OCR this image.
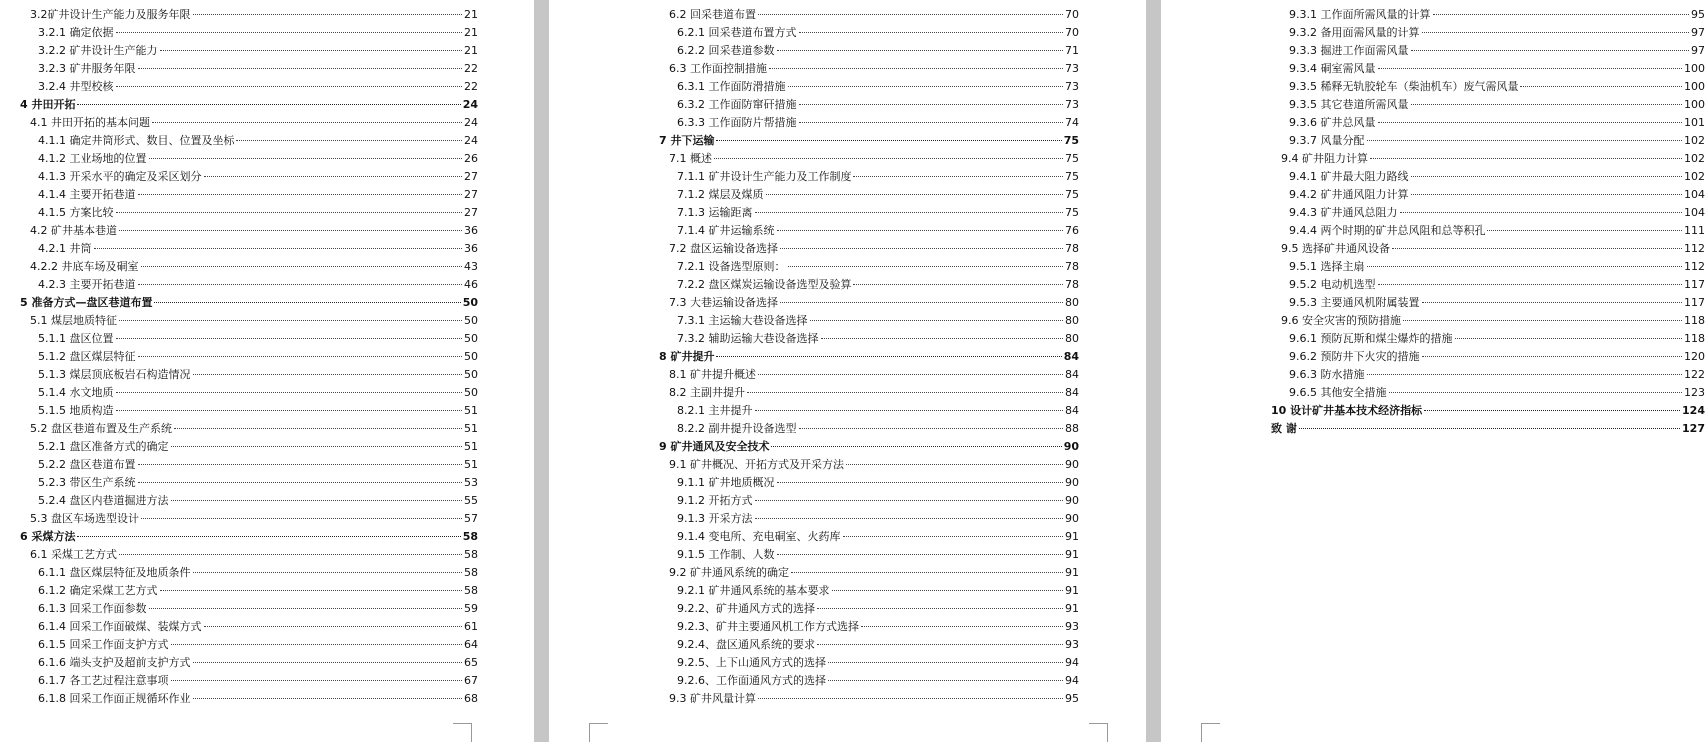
3.2矿井设计生产能力及服务年限	21
3.2.1 确定依据	21
3.2.2 矿井设计生产能力	21
3.2.3 矿井服务年限	22
3.2.4 井型校核	22
4 井田开拓	24
4.1 井田开拓的基本问题	24
4.1.1 确定井筒形式、数目、位置及坐标	24
4.1.2 工业场地的位置	26
4.1.3 开采水平的确定及采区划分	27
4.1.4 主要开拓巷道	27
4.1.5 方案比较	27
4.2 矿井基本巷道	36
4.2.1 井筒	36
4.2.2 井底车场及硐室	43
4.2.3 主要开拓巷道	46
5 准备方式—盘区巷道布置	50
5.1 煤层地质特征	50
5.1.1 盘区位置	50
5.1.2 盘区煤层特征	50
5.1.3 煤层顶底板岩石构造情况	50
5.1.4 水文地质	50
5.1.5 地质构造	51
5.2 盘区巷道布置及生产系统	51
5.2.1 盘区准备方式的确定	51
5.2.2 盘区巷道布置	51
5.2.3 带区生产系统	53
5.2.4 盘区内巷道掘进方法	55
5.3 盘区车场选型设计	57
6 采煤方法	58
6.1 采煤工艺方式	58
6.1.1 盘区煤层特征及地质条件	58
6.1.2 确定采煤工艺方式	58
6.1.3 回采工作面参数	59
6.1.4 回采工作面破煤、装煤方式	61
6.1.5 回采工作面支护方式	64
6.1.6 端头支护及超前支护方式	65
6.1.7 各工艺过程注意事项	67
6.1.8 回采工作面正规循环作业	68
6.2 回采巷道布置	70
6.2.1 回采巷道布置方式	70
6.2.2 回采巷道参数	71
6.3 工作面控制措施	73
6.3.1 工作面防滑措施	73
6.3.2 工作面防窜矸措施	73
6.3.3 工作面防片帮措施	74
7 井下运输	75
7.1 概述	75
7.1.1 矿井设计生产能力及工作制度	75
7.1.2 煤层及煤质	75
7.1.3 运输距离	75
7.1.4 矿井运输系统	76
7.2 盘区运输设备选择	78
7.2.1 设备选型原则：	78
7.2.2 盘区煤炭运输设备选型及验算	78
7.3 大巷运输设备选择	80
7.3.1 主运输大巷设备选择	80
7.3.2 辅助运输大巷设备选择	80
8 矿井提升	84
8.1 矿井提升概述	84
8.2 主副井提升	84
8.2.1 主井提升	84
8.2.2 副井提升设备选型	88
9 矿井通风及安全技术	90
9.1 矿井概况、开拓方式及开采方法	90
9.1.1 矿井地质概况	90
9.1.2 开拓方式	90
9.1.3 开采方法	90
9.1.4 变电所、充电硐室、火药库	91
9.1.5 工作制、人数	91
9.2 矿井通风系统的确定	91
9.2.1 矿井通风系统的基本要求	91
9.2.2、矿井通风方式的选择	91
9.2.3、矿井主要通风机工作方式选择	93
9.2.4、盘区通风系统的要求	93
9.2.5、上下山通风方式的选择	94
9.2.6、工作面通风方式的选择	94
9.3 矿井风量计算	95
9.3.1 工作面所需风量的计算	95
9.3.2 备用面需风量的计算	97
9.3.3 掘进工作面需风量	97
9.3.4 硐室需风量	100
9.3.5 稀释无轨胶轮车（柴油机车）废气需风量	100
9.3.5 其它巷道所需风量	100
9.3.6 矿井总风量	101
9.3.7 风量分配	102
9.4 矿井阻力计算	102
9.4.1 矿井最大阻力路线	102
9.4.2 矿井通风阻力计算	104
9.4.3 矿井通风总阻力	104
9.4.4 两个时期的矿井总风阻和总等积孔	111
9.5 选择矿井通风设备	112
9.5.1 选择主扇	112
9.5.2 电动机选型	117
9.5.3 主要通风机附属装置	117
9.6 安全灾害的预防措施	118
9.6.1 预防瓦斯和煤尘爆炸的措施	118
9.6.2 预防井下火灾的措施	120
9.6.3 防水措施	122
9.6.5 其他安全措施	123
10 设计矿井基本技术经济指标	124
致 谢	127
